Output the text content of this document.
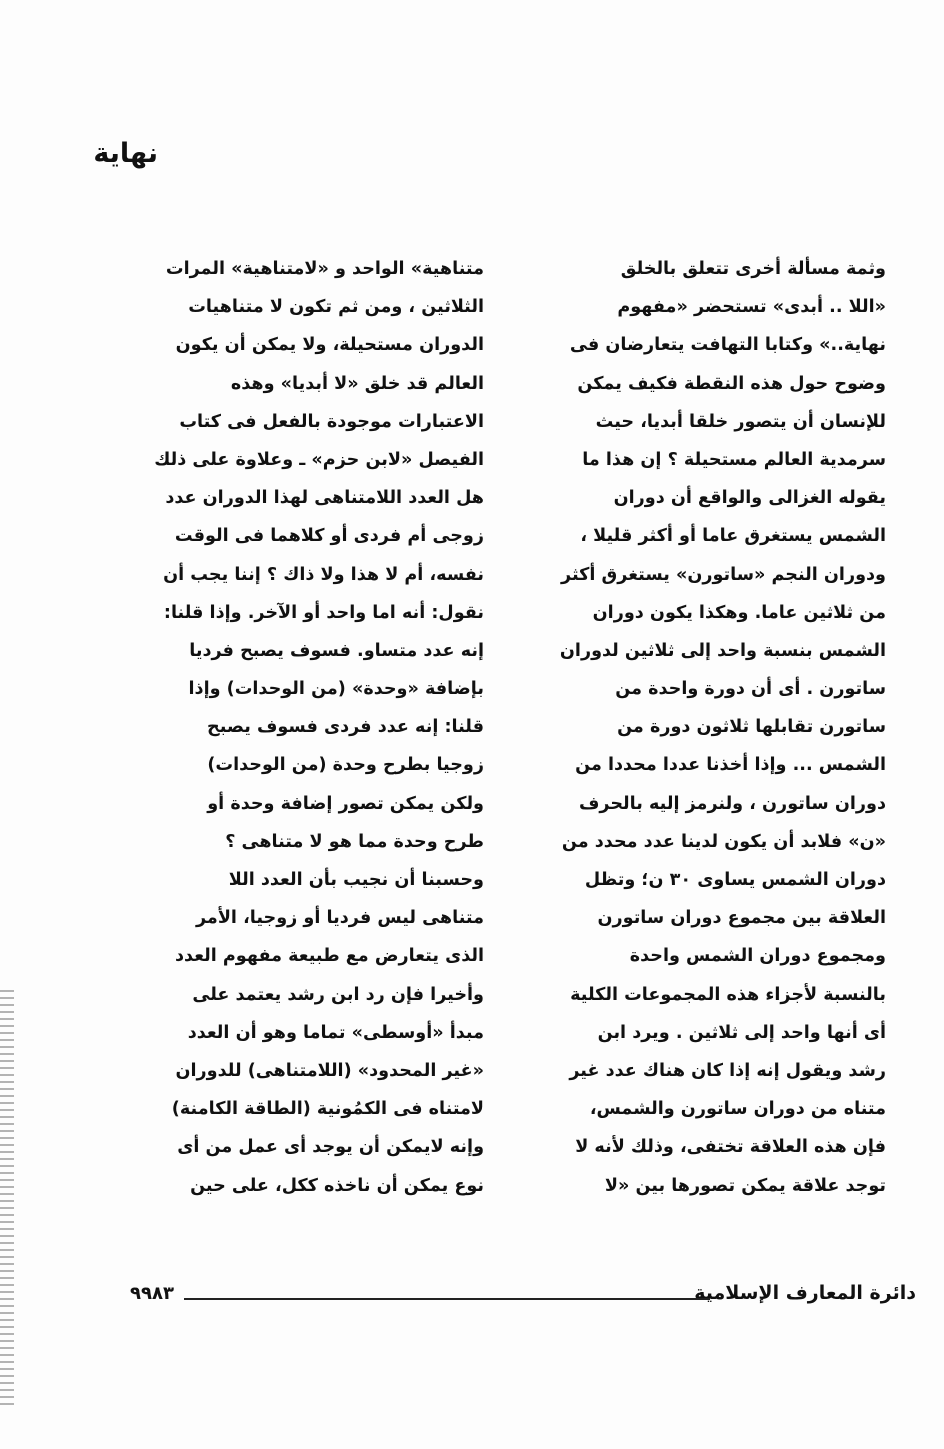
نهاية
وثمة مسألة أخرى تتعلق بالخلق
«اللا .. أبدى» تستحضر «مفهوم
نهاية..» وكتابا التهافت يتعارضان فى
وضوح حول هذه النقطة فكيف يمكن
للإنسان أن يتصور خلقا أبديا، حيث
سرمدية العالم مستحيلة ؟ إن هذا ما
يقوله الغزالى والواقع أن دوران
الشمس يستغرق عاما أو أكثر قليلا ،
ودوران النجم «ساتورن» يستغرق أكثر
من ثلاثين عاما. وهكذا يكون دوران
الشمس بنسبة واحد إلى ثلاثين لدوران
ساتورن . أى أن دورة واحدة من
ساتورن تقابلها ثلاثون دورة من
الشمس ... وإذا أخذنا عددا محددا من
دوران ساتورن ، ولنرمز إليه بالحرف
«ن» فلابد أن يكون لدينا عدد محدد من
دوران الشمس يساوى ٣٠ ن؛ وتظل
العلاقة بين مجموع دوران ساتورن
ومجموع دوران الشمس واحدة
بالنسبة لأجزاء هذه المجموعات الكلية
أى أنها واحد إلى ثلاثين . ويرد ابن
رشد ويقول إنه إذا كان هناك عدد غير
متناه من دوران ساتورن والشمس،
فإن هذه العلاقة تختفى، وذلك لأنه لا
توجد علاقة يمكن تصورها بين «لا
متناهية» الواحد و «لامتناهية» المرات
الثلاثين ، ومن ثم تكون لا متناهيات
الدوران مستحيلة، ولا يمكن أن يكون
العالم قد خلق «لا أبديا» وهذه
الاعتبارات موجودة بالفعل فى كتاب
الفيصل «لابن حزم» ـ وعلاوة على ذلك
هل العدد اللامتناهى لهذا الدوران عدد
زوجى أم فردى أو كلاهما فى الوقت
نفسه، أم لا هذا ولا ذاك ؟ إننا يجب أن
نقول: أنه اما واحد أو الآخر. وإذا قلنا:
إنه عدد متساو. فسوف يصبح فرديا
بإضافة «وحدة» (من الوحدات) وإذا
قلنا: إنه عدد فردى فسوف يصبح
زوجيا بطرح وحدة (من الوحدات)
ولكن يمكن تصور إضافة وحدة أو
طرح وحدة مما هو لا متناهى ؟
وحسبنا أن نجيب بأن العدد اللا
متناهى ليس فرديا أو زوجيا، الأمر
الذى يتعارض مع طبيعة مفهوم العدد
وأخيرا فإن رد ابن رشد يعتمد على
مبدأ «أوسطى» تماما وهو أن العدد
«غير المحدود» (اللامتناهى) للدوران
لامتناه فى الكمُونية (الطاقة الكامنة)
وإنه لايمكن أن يوجد أى عمل من أى
نوع يمكن أن ناخذه ككل، على حين
دائرة المعارف الإسلامية
٩٩٨٣
